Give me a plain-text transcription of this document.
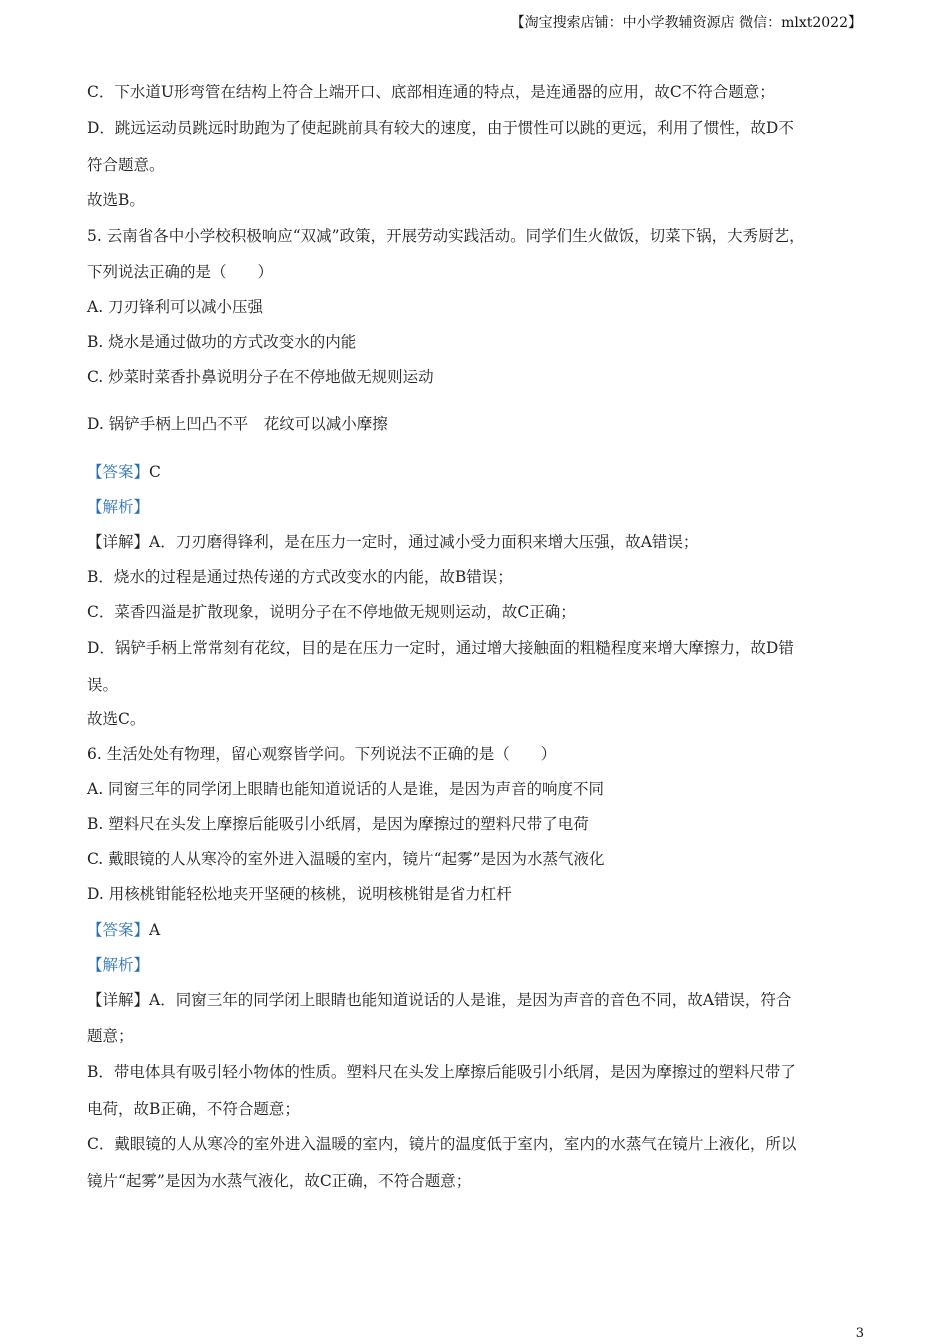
【淘宝搜索店铺：中小学教辅资源店 微信：mlxt2022】
C．下水道U形弯管在结构上符合上端开口、底部相连通的特点，是连通器的应用，故C不符合题意；
D．跳远运动员跳远时助跑为了使起跳前具有较大的速度，由于惯性可以跳的更远，利用了惯性，故D不
符合题意。
故选B。
5. 云南省各中小学校积极响应“双减”政策，开展劳动实践活动。同学们生火做饭，切菜下锅，大秀厨艺，
下列说法正确的是（　　）
A. 刀刃锋利可以减小压强
B. 烧水是通过做功的方式改变水的内能
C. 炒菜时菜香扑鼻说明分子在不停地做无规则运动
D. 锅铲手柄上凹凸不平　花纹可以减小摩擦
【答案】C
【解析】
【详解】A．刀刃磨得锋利，是在压力一定时，通过减小受力面积来增大压强，故A错误；
B．烧水的过程是通过热传递的方式改变水的内能，故B错误；
C．菜香四溢是扩散现象，说明分子在不停地做无规则运动，故C正确；
D．锅铲手柄上常常刻有花纹，目的是在压力一定时，通过增大接触面的粗糙程度来增大摩擦力，故D错
误。
故选C。
6. 生活处处有物理，留心观察皆学问。下列说法不正确的是（　　）
A. 同窗三年的同学闭上眼睛也能知道说话的人是谁，是因为声音的响度不同
B. 塑料尺在头发上摩擦后能吸引小纸屑，是因为摩擦过的塑料尺带了电荷
C. 戴眼镜的人从寒冷的室外进入温暖的室内，镜片“起雾”是因为水蒸气液化
D. 用核桃钳能轻松地夹开坚硬的核桃，说明核桃钳是省力杠杆
【答案】A
【解析】
【详解】A．同窗三年的同学闭上眼睛也能知道说话的人是谁，是因为声音的音色不同，故A错误，符合
题意；
B．带电体具有吸引轻小物体的性质。塑料尺在头发上摩擦后能吸引小纸屑，是因为摩擦过的塑料尺带了
电荷，故B正确，不符合题意；
C．戴眼镜的人从寒冷的室外进入温暖的室内，镜片的温度低于室内，室内的水蒸气在镜片上液化，所以
镜片“起雾”是因为水蒸气液化，故C正确，不符合题意；
3
